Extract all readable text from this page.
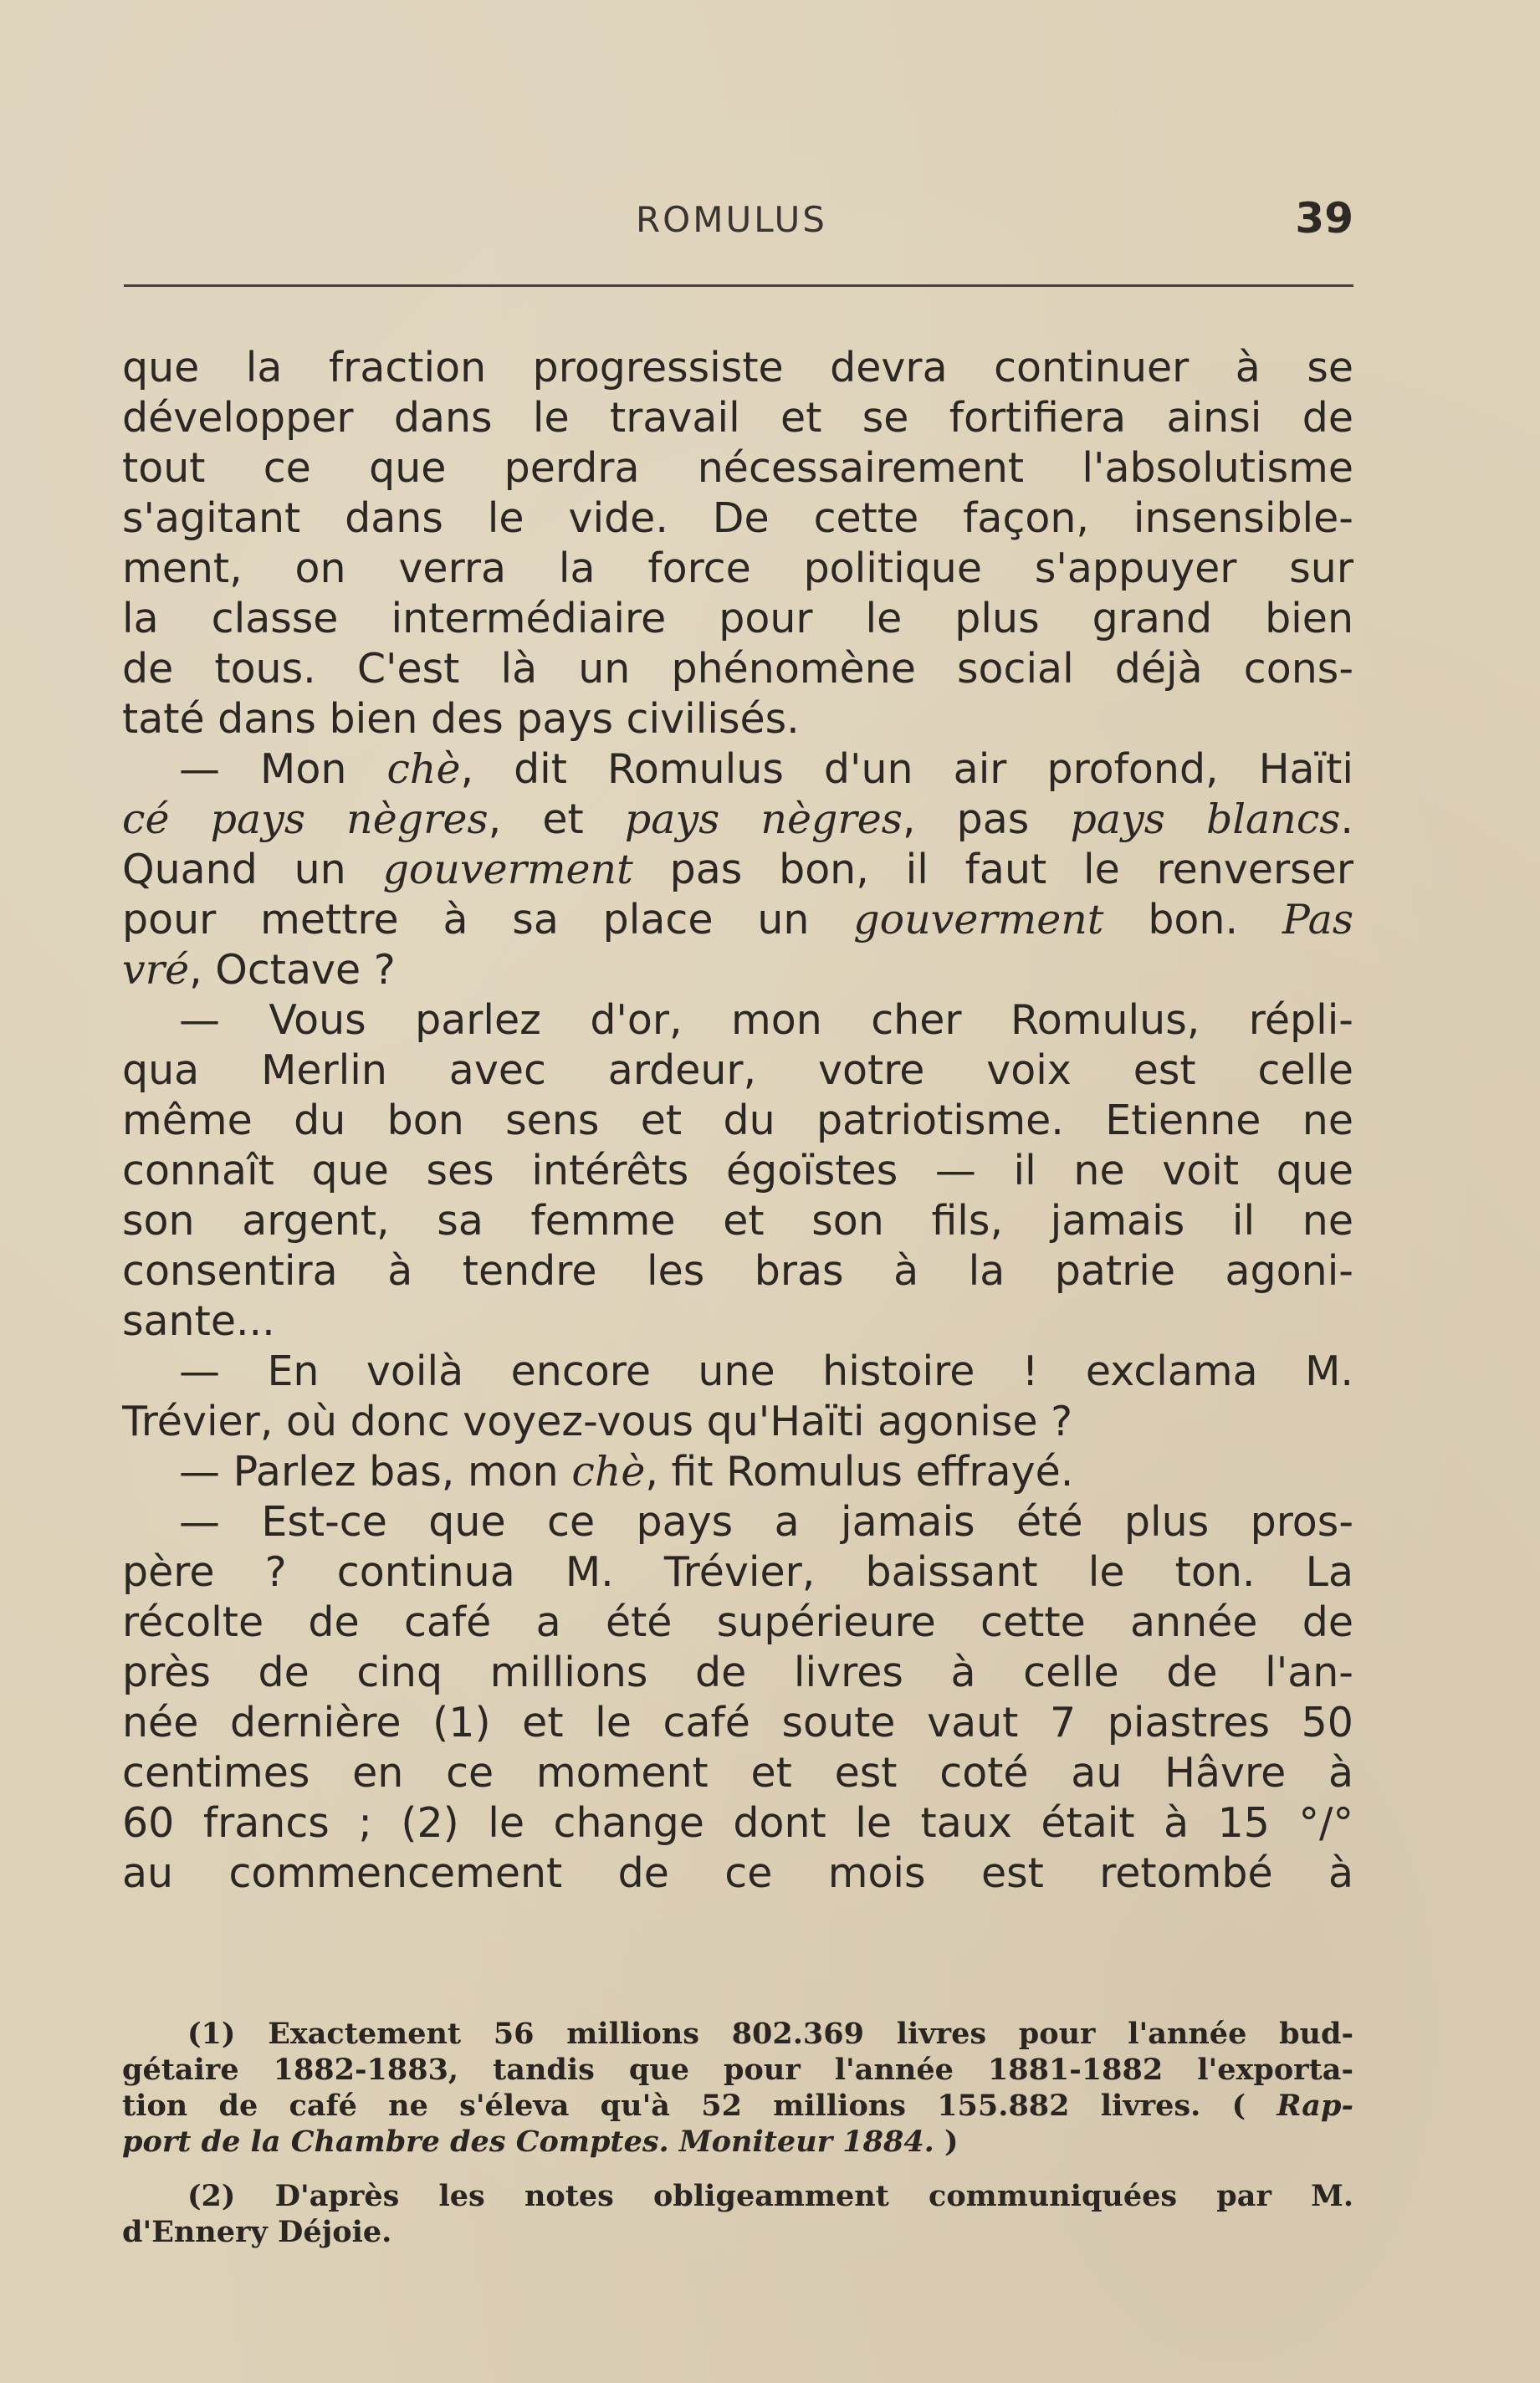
ROMULUS	39
que la fraction progressiste devra continuer à se
développer dans le travail et se fortifiera ainsi de
tout ce que perdra nécessairement l'absolutisme
s'agitant dans le vide. De cette façon, insensible-
ment, on verra la force politique s'appuyer sur
la classe intermédiaire pour le plus grand bien
de tous. C'est là un phénomène social déjà cons-
taté dans bien des pays civilisés.
— Mon chè, dit Romulus d'un air profond, Haïti
cé pays nègres, et pays nègres, pas pays blancs.
Quand un gouverment pas bon, il faut le renverser
pour mettre à sa place un gouverment bon. Pas
vré, Octave ?
— Vous parlez d'or, mon cher Romulus, répli-
qua Merlin avec ardeur, votre voix est celle
même du bon sens et du patriotisme. Etienne ne
connaît que ses intérêts égoïstes — il ne voit que
son argent, sa femme et son fils, jamais il ne
consentira à tendre les bras à la patrie agoni-
sante...
— En voilà encore une histoire ! exclama M.
Trévier, où donc voyez-vous qu'Haïti agonise ?
— Parlez bas, mon chè, fit Romulus effrayé.
— Est-ce que ce pays a jamais été plus pros-
père ? continua M. Trévier, baissant le ton. La
récolte de café a été supérieure cette année de
près de cinq millions de livres à celle de l'an-
née dernière (1) et le café soute vaut 7 piastres 50
centimes en ce moment et est coté au Hâvre à
60 francs ; (2) le change dont le taux était à 15 °/°
au commencement de ce mois est retombé à
(1) Exactement 56 millions 802.369 livres pour l'année bud-
gétaire 1882-1883, tandis que pour l'année 1881-1882 l'exporta-
tion de café ne s'éleva qu'à 52 millions 155.882 livres. ( Rap-
port de la Chambre des Comptes. Moniteur 1884. )
(2) D'après les notes obligeamment communiquées par M.
d'Ennery Déjoie.
